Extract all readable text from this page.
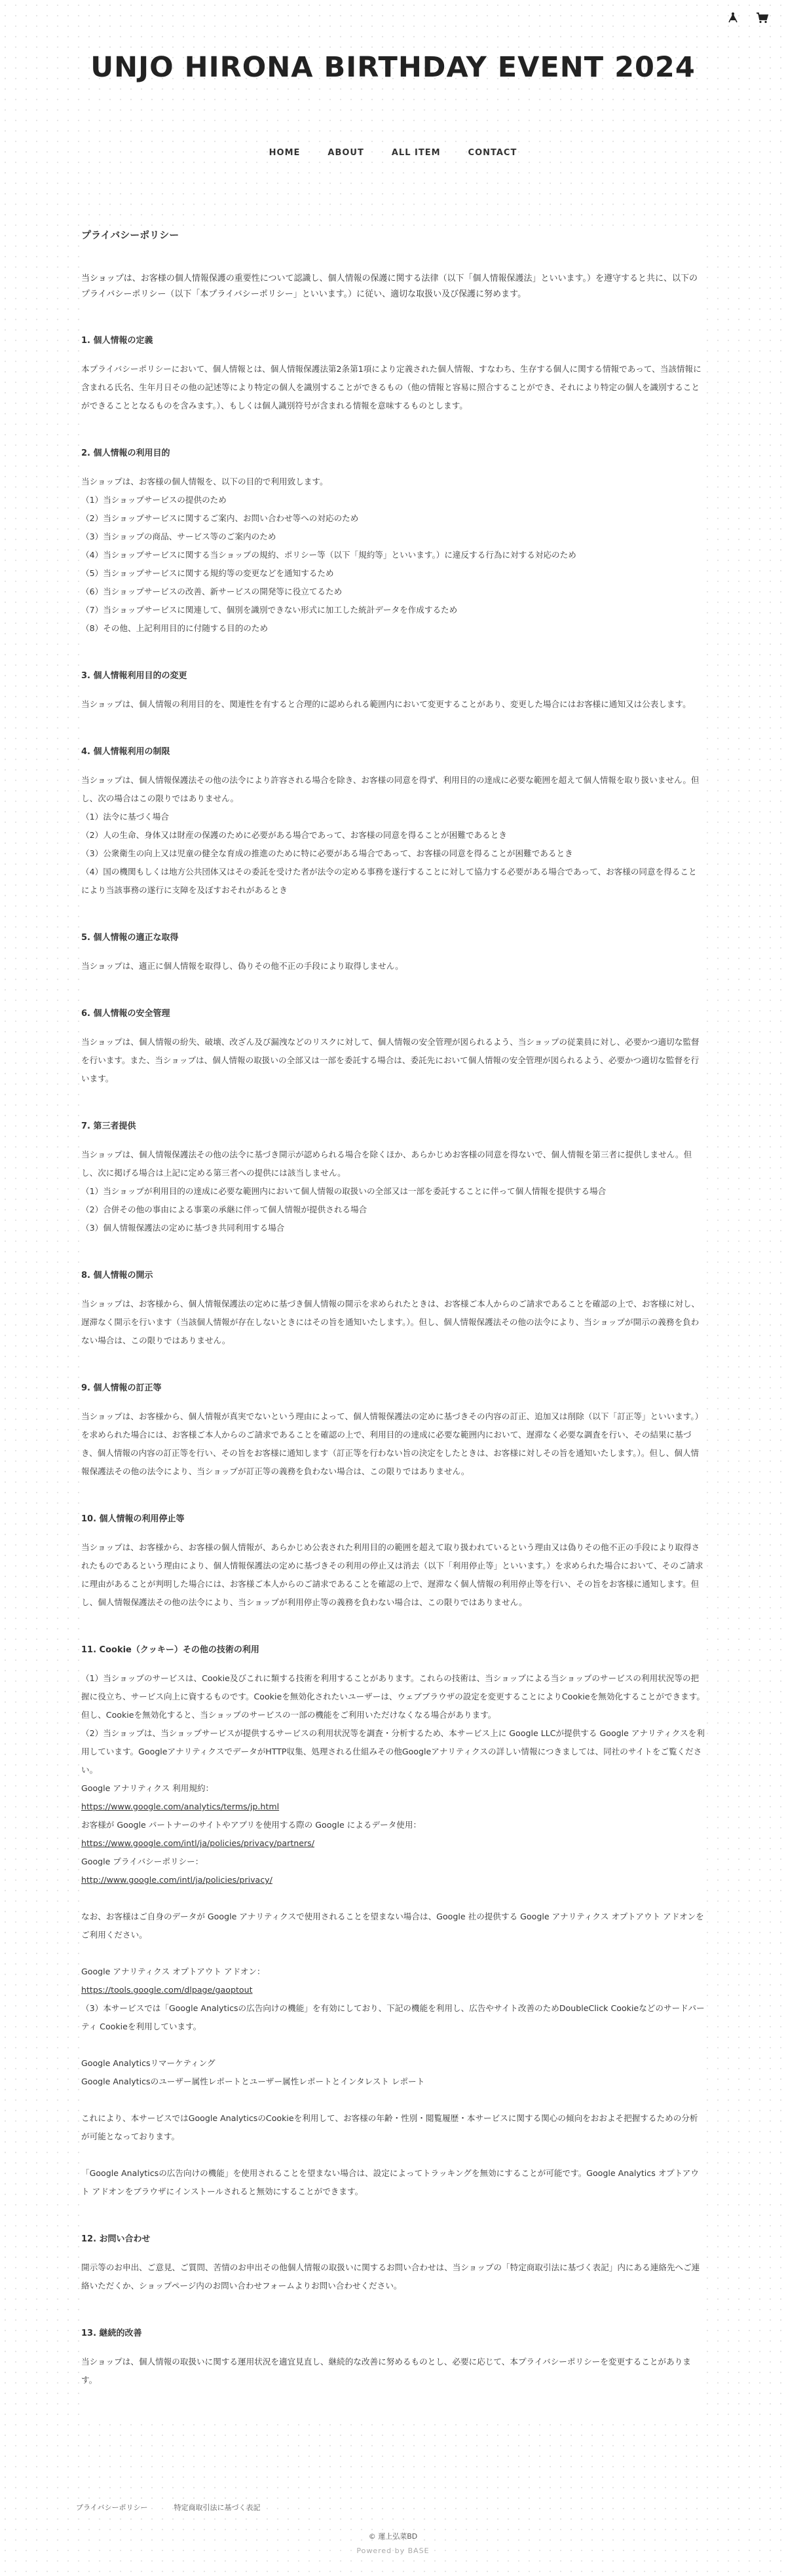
UNJO HIRONA BIRTHDAY EVENT 2024
HOME	ABOUT	ALL ITEM	CONTACT
プライバシーポリシー

当ショップは、お客様の個人情報保護の重要性について認識し、個人情報の保護に関する法律（以下「個人情報保護法」といいます。）を遵守すると共に、以下のプライバシーポリシー（以下「本プライバシーポリシー」といいます。）に従い、適切な取扱い及び保護に努めます。

1. 個人情報の定義

本プライバシーポリシーにおいて、個人情報とは、個人情報保護法第2条第1項により定義された個人情報、すなわち、生存する個人に関する情報であって、当該情報に含まれる氏名、生年月日その他の記述等により特定の個人を識別することができるもの（他の情報と容易に照合することができ、それにより特定の個人を識別することができることとなるものを含みます。）、もしくは個人識別符号が含まれる情報を意味するものとします。

2. 個人情報の利用目的

当ショップは、お客様の個人情報を、以下の目的で利用致します。

（1）当ショップサービスの提供のため

（2）当ショップサービスに関するご案内、お問い合わせ等への対応のため

（3）当ショップの商品、サービス等のご案内のため

（4）当ショップサービスに関する当ショップの規約、ポリシー等（以下「規約等」といいます。）に違反する行為に対する対応のため

（5）当ショップサービスに関する規約等の変更などを通知するため

（6）当ショップサービスの改善、新サービスの開発等に役立てるため

（7）当ショップサービスに関連して、個別を識別できない形式に加工した統計データを作成するため

（8）その他、上記利用目的に付随する目的のため

3. 個人情報利用目的の変更

当ショップは、個人情報の利用目的を、関連性を有すると合理的に認められる範囲内において変更することがあり、変更した場合にはお客様に通知又は公表します。

4. 個人情報利用の制限

当ショップは、個人情報保護法その他の法令により許容される場合を除き、お客様の同意を得ず、利用目的の達成に必要な範囲を超えて個人情報を取り扱いません。但し、次の場合はこの限りではありません。

（1）法令に基づく場合

（2）人の生命、身体又は財産の保護のために必要がある場合であって、お客様の同意を得ることが困難であるとき

（3）公衆衛生の向上又は児童の健全な育成の推進のために特に必要がある場合であって、お客様の同意を得ることが困難であるとき

（4）国の機関もしくは地方公共団体又はその委託を受けた者が法令の定める事務を遂行することに対して協力する必要がある場合であって、お客様の同意を得ることにより当該事務の遂行に支障を及ぼすおそれがあるとき

5. 個人情報の適正な取得

当ショップは、適正に個人情報を取得し、偽りその他不正の手段により取得しません。

6. 個人情報の安全管理

当ショップは、個人情報の紛失、破壊、改ざん及び漏洩などのリスクに対して、個人情報の安全管理が図られるよう、当ショップの従業員に対し、必要かつ適切な監督を行います。また、当ショップは、個人情報の取扱いの全部又は一部を委託する場合は、委託先において個人情報の安全管理が図られるよう、必要かつ適切な監督を行います。

7. 第三者提供

当ショップは、個人情報保護法その他の法令に基づき開示が認められる場合を除くほか、あらかじめお客様の同意を得ないで、個人情報を第三者に提供しません。但し、次に掲げる場合は上記に定める第三者への提供には該当しません。

（1）当ショップが利用目的の達成に必要な範囲内において個人情報の取扱いの全部又は一部を委託することに伴って個人情報を提供する場合

（2）合併その他の事由による事業の承継に伴って個人情報が提供される場合

（3）個人情報保護法の定めに基づき共同利用する場合

8. 個人情報の開示

当ショップは、お客様から、個人情報保護法の定めに基づき個人情報の開示を求められたときは、お客様ご本人からのご請求であることを確認の上で、お客様に対し、遅滞なく開示を行います（当該個人情報が存在しないときにはその旨を通知いたします。）。但し、個人情報保護法その他の法令により、当ショップが開示の義務を負わない場合は、この限りではありません。

9. 個人情報の訂正等

当ショップは、お客様から、個人情報が真実でないという理由によって、個人情報保護法の定めに基づきその内容の訂正、追加又は削除（以下「訂正等」といいます。）を求められた場合には、お客様ご本人からのご請求であることを確認の上で、利用目的の達成に必要な範囲内において、遅滞なく必要な調査を行い、その結果に基づき、個人情報の内容の訂正等を行い、その旨をお客様に通知します（訂正等を行わない旨の決定をしたときは、お客様に対しその旨を通知いたします。）。但し、個人情報保護法その他の法令により、当ショップが訂正等の義務を負わない場合は、この限りではありません。

10. 個人情報の利用停止等

当ショップは、お客様から、お客様の個人情報が、あらかじめ公表された利用目的の範囲を超えて取り扱われているという理由又は偽りその他不正の手段により取得されたものであるという理由により、個人情報保護法の定めに基づきその利用の停止又は消去（以下「利用停止等」といいます。）を求められた場合において、そのご請求に理由があることが判明した場合には、お客様ご本人からのご請求であることを確認の上で、遅滞なく個人情報の利用停止等を行い、その旨をお客様に通知します。但し、個人情報保護法その他の法令により、当ショップが利用停止等の義務を負わない場合は、この限りではありません。

11. Cookie（クッキー）その他の技術の利用

（1）当ショップのサービスは、Cookie及びこれに類する技術を利用することがあります。これらの技術は、当ショップによる当ショップのサービスの利用状況等の把握に役立ち、サービス向上に資するものです。Cookieを無効化されたいユーザーは、ウェブブラウザの設定を変更することによりCookieを無効化することができます。但し、Cookieを無効化すると、当ショップのサービスの一部の機能をご利用いただけなくなる場合があります。

（2）当ショップは、当ショップサービスが提供するサービスの利用状況等を調査・分析するため、本サービス上に Google LLCが提供する Google アナリティクスを利用しています。GoogleアナリティクスでデータがHTTP収集、処理される仕組みその他Googleアナリティクスの詳しい情報につきましては、同社のサイトをご覧ください。

Google アナリティクス 利用規約：

https://www.google.com/analytics/terms/jp.html

お客様が Google パートナーのサイトやアプリを使用する際の Google によるデータ使用：

https://www.google.com/intl/ja/policies/privacy/partners/

Google プライバシーポリシー：

http://www.google.com/intl/ja/policies/privacy/

なお、お客様はご自身のデータが Google アナリティクスで使用されることを望まない場合は、Google 社の提供する Google アナリティクス オプトアウト アドオンをご利用ください。

Google アナリティクス オプトアウト アドオン：

https://tools.google.com/dlpage/gaoptout

（3）本サービスでは「Google Analyticsの広告向けの機能」を有効にしており、下記の機能を利用し、広告やサイト改善のためDoubleClick Cookieなどのサードパーティ Cookieを利用しています。

Google Analyticsリマーケティング

Google Analyticsのユーザー属性レポートとユーザー属性レポートとインタレスト レポート

これにより、本サービスではGoogle AnalyticsのCookieを利用して、お客様の年齢・性別・閲覧履歴・本サービスに関する関心の傾向をおおよそ把握するための分析が可能となっております。

「Google Analyticsの広告向けの機能」を使用されることを望まない場合は、設定によってトラッキングを無効にすることが可能です。Google Analytics オプトアウト アドオンをブラウザにインストールされると無効にすることができます。

12. お問い合わせ

開示等のお申出、ご意見、ご質問、苦情のお申出その他個人情報の取扱いに関するお問い合わせは、当ショップの「特定商取引法に基づく表記」内にある連絡先へご連絡いただくか、ショップページ内のお問い合わせフォームよりお問い合わせください。

13. 継続的改善

当ショップは、個人情報の取扱いに関する運用状況を適宜見直し、継続的な改善に努めるものとし、必要に応じて、本プライバシーポリシーを変更することがあります。

プライバシーポリシー	特定商取引法に基づく表記
© 運上弘菜BD
Powered by BASE
